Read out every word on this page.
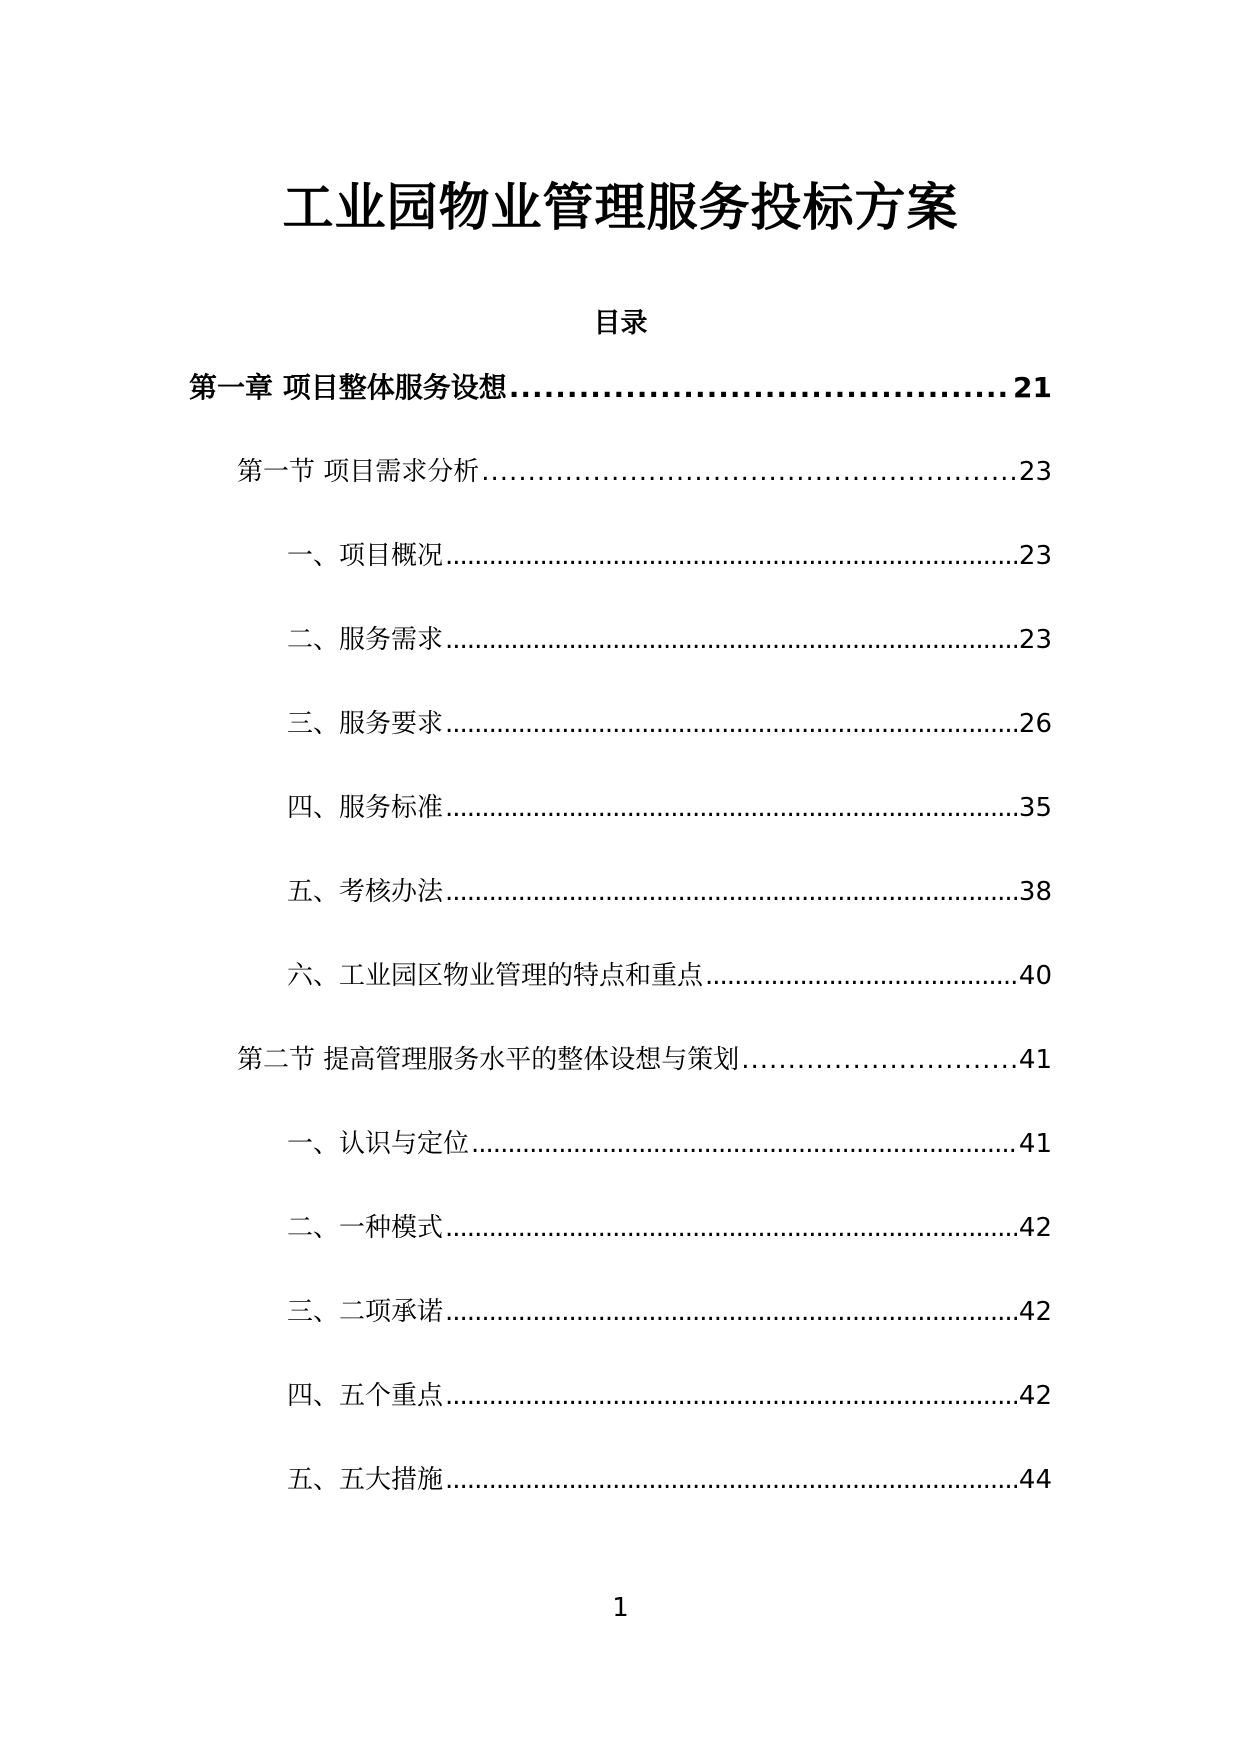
工业园物业管理服务投标方案
目录
第一章 项目整体服务设想 .....	21
第一节 项目需求分析 .....	23
一、项目概况 .....	23
二、服务需求 .....	23
三、服务要求 .....	26
四、服务标准 .....	35
五、考核办法 .....	38
六、工业园区物业管理的特点和重点 .....	40
第二节 提高管理服务水平的整体设想与策划 .....	41
一、认识与定位 .....	41
二、一种模式 .....	42
三、二项承诺 .....	42
四、五个重点 .....	42
五、五大措施 .....	44
1
